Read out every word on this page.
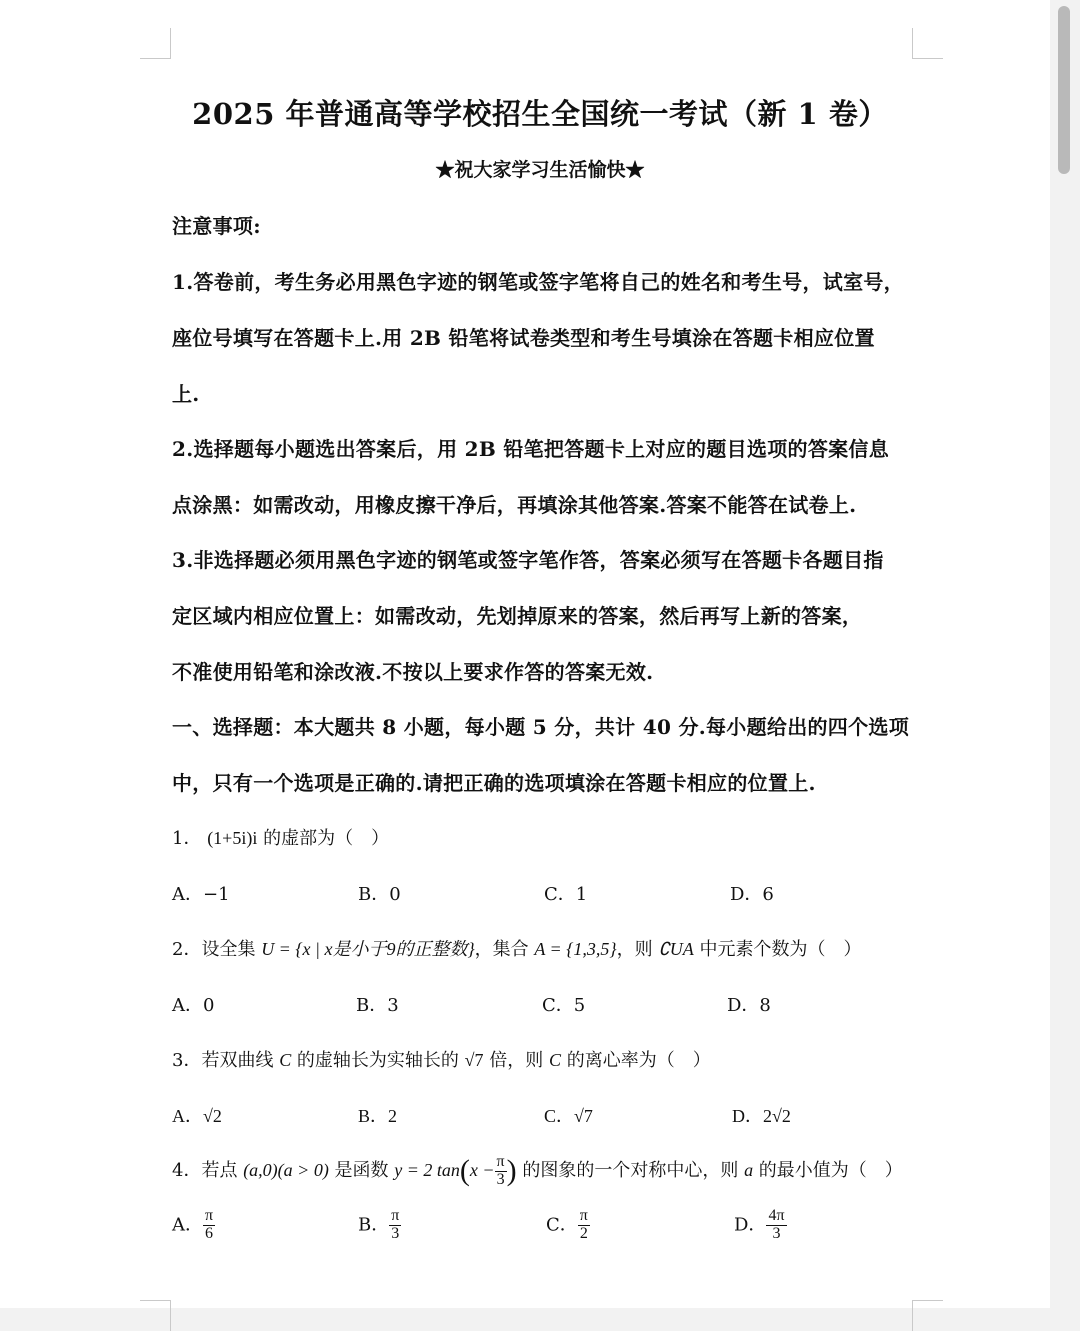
2025 年普通高等学校招生全国统一考试（新 1 卷）
★祝大家学习生活愉快★
注意事项:
1.答卷前，考生务必用黑色字迹的钢笔或签字笔将自己的姓名和考生号，试室号，
座位号填写在答题卡上.用 2B 铅笔将试卷类型和考生号填涂在答题卡相应位置
上.
2.选择题每小题选出答案后，用 2B 铅笔把答题卡上对应的题目选项的答案信息
点涂黑：如需改动，用橡皮擦干净后，再填涂其他答案.答案不能答在试卷上.
3.非选择题必须用黑色字迹的钢笔或签字笔作答，答案必须写在答题卡各题目指
定区域内相应位置上：如需改动，先划掉原来的答案，然后再写上新的答案，
不准使用铅笔和涂改液.不按以上要求作答的答案无效.
一、选择题：本大题共 8 小题，每小题 5 分，共计 40 分.每小题给出的四个选项
中，只有一个选项是正确的.请把正确的选项填涂在答题卡相应的位置上.
1． (1+5i)i 的虚部为（　）
A．−1	B．0	C．1	D．6
2．设全集 U = {x | x是小于9的正整数}，集合 A = {1,3,5}，则 ∁UA 中元素个数为（　）
A．0	B．3	C．5	D．8
3．若双曲线 C 的虚轴长为实轴长的 √7 倍，则 C 的离心率为（　）
A．√2	B．2	C．√7	D．2√2
4．若点 (a,0)(a > 0) 是函数 y = 2 $\tan(x - \frac{\pi}{3}$ ) 的图象的一个对称中心，则 a 的最小值为（　）
A． $\frac{\pi}{6}$	B． $\frac{\pi}{3}$	C． $\frac{\pi}{2}$	D． $\frac{4\pi}{3}$
